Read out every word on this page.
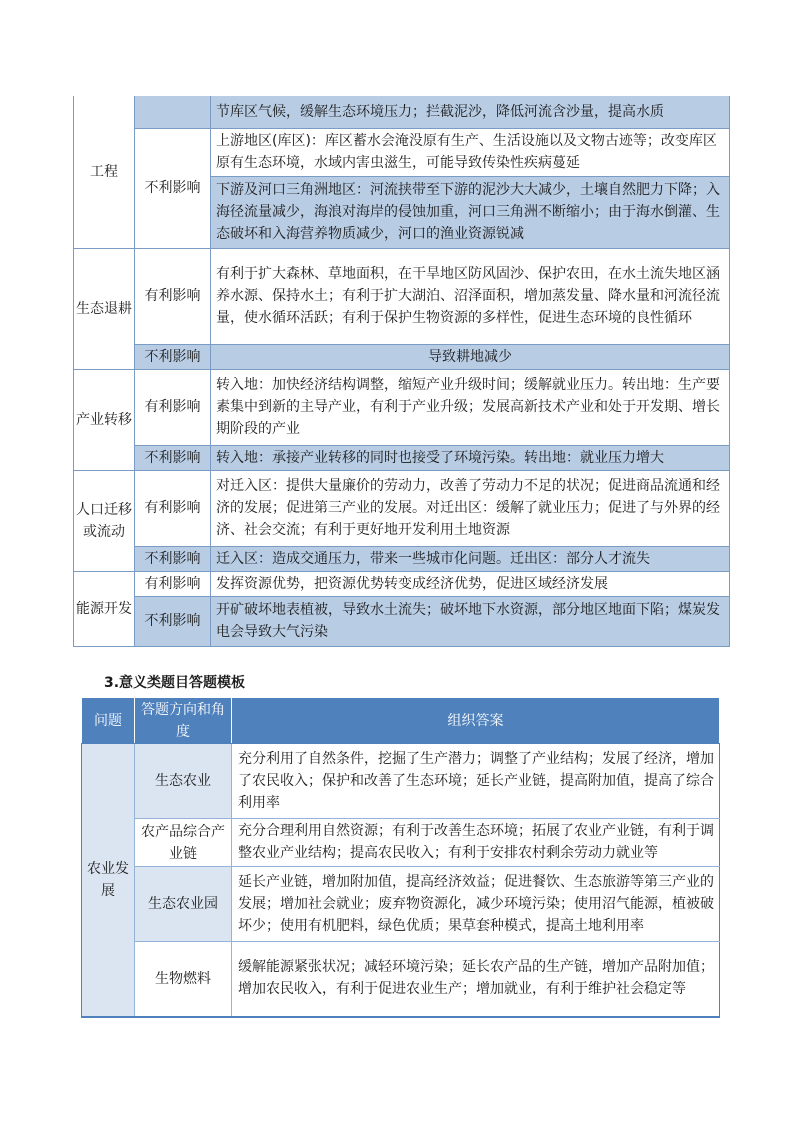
工程		节库区气候，缓解生态环境压力；拦截泥沙，降低河流含沙量，提高水质
	不利影响	上游地区(库区)：库区蓄水会淹没原有生产、生活设施以及文物古迹等；改变库区原有生态环境，水域内害虫滋生，可能导致传染性疾病蔓延
		下游及河口三角洲地区：河流挟带至下游的泥沙大大减少，土壤自然肥力下降；入海径流量减少，海浪对海岸的侵蚀加重，河口三角洲不断缩小；由于海水倒灌、生态破坏和入海营养物质减少，河口的渔业资源锐减
生态退耕	有利影响	有利于扩大森林、草地面积，在干旱地区防风固沙、保护农田，在水土流失地区涵养水源、保持水土；有利于扩大湖泊、沼泽面积，增加蒸发量、降水量和河流径流量，使水循环活跃；有利于保护生物资源的多样性，促进生态环境的良性循环
	不利影响	导致耕地减少
产业转移	有利影响	转入地：加快经济结构调整，缩短产业升级时间；缓解就业压力。转出地：生产要素集中到新的主导产业，有利于产业升级；发展高新技术产业和处于开发期、增长期阶段的产业
	不利影响	转入地：承接产业转移的同时也接受了环境污染。转出地：就业压力增大
人口迁移或流动	有利影响	对迁入区：提供大量廉价的劳动力，改善了劳动力不足的状况；促进商品流通和经济的发展；促进第三产业的发展。对迁出区：缓解了就业压力；促进了与外界的经济、社会交流；有利于更好地开发利用土地资源
	不利影响	迁入区：造成交通压力，带来一些城市化问题。迁出区：部分人才流失
能源开发	有利影响	发挥资源优势，把资源优势转变成经济优势，促进区域经济发展
	不利影响	开矿破坏地表植被，导致水土流失；破坏地下水资源，部分地区地面下陷；煤炭发电会导致大气污染
3.意义类题目答题模板
问题	答题方向和角度	组织答案
农业发展	生态农业	充分利用了自然条件，挖掘了生产潜力；调整了产业结构；发展了经济，增加了农民收入；保护和改善了生态环境；延长产业链，提高附加值，提高了综合利用率
	农产品综合产业链	充分合理利用自然资源；有利于改善生态环境；拓展了农业产业链，有利于调整农业产业结构；提高农民收入；有利于安排农村剩余劳动力就业等
	生态农业园	延长产业链，增加附加值，提高经济效益；促进餐饮、生态旅游等第三产业的发展；增加社会就业；废弃物资源化，减少环境污染；使用沼气能源，植被破坏少；使用有机肥料，绿色优质；果草套种模式，提高土地利用率
	生物燃料	缓解能源紧张状况；减轻环境污染；延长农产品的生产链，增加产品附加值；增加农民收入，有利于促进农业生产；增加就业，有利于维护社会稳定等
